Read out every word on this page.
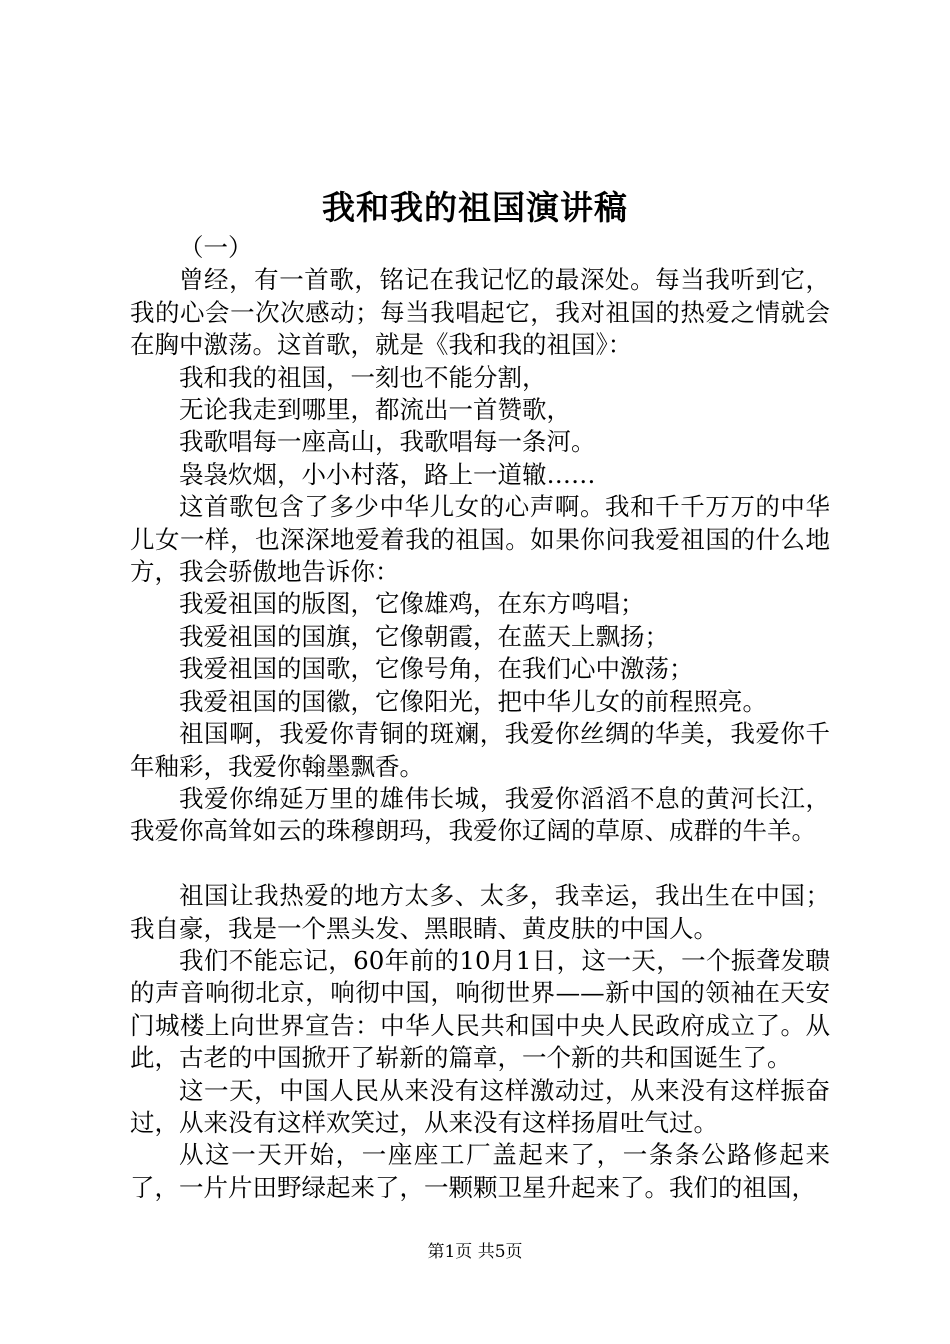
我和我的祖国演讲稿

（一）

曾经，有一首歌，铭记在我记忆的最深处。每当我听到它，我的心会一次次感动；每当我唱起它，我对祖国的热爱之情就会在胸中激荡。这首歌，就是《我和我的祖国》：

我和我的祖国，一刻也不能分割，

无论我走到哪里，都流出一首赞歌，

我歌唱每一座高山，我歌唱每一条河。

袅袅炊烟，小小村落，路上一道辙……

这首歌包含了多少中华儿女的心声啊。我和千千万万的中华儿女一样，也深深地爱着我的祖国。如果你问我爱祖国的什么地方，我会骄傲地告诉你：

我爱祖国的版图，它像雄鸡，在东方鸣唱；

我爱祖国的国旗，它像朝霞，在蓝天上飘扬；

我爱祖国的国歌，它像号角，在我们心中激荡；

我爱祖国的国徽，它像阳光，把中华儿女的前程照亮。

祖国啊，我爱你青铜的斑斓，我爱你丝绸的华美，我爱你千年釉彩，我爱你翰墨飘香。

我爱你绵延万里的雄伟长城，我爱你滔滔不息的黄河长江，我爱你高耸如云的珠穆朗玛，我爱你辽阔的草原、成群的牛羊。

祖国让我热爱的地方太多、太多，我幸运，我出生在中国；我自豪，我是一个黑头发、黑眼睛、黄皮肤的中国人。

我们不能忘记，60年前的10月1日，这一天，一个振聋发聩的声音响彻北京，响彻中国，响彻世界——新中国的领袖在天安门城楼上向世界宣告：中华人民共和国中央人民政府成立了。从此，古老的中国掀开了崭新的篇章，一个新的共和国诞生了。

这一天，中国人民从来没有这样激动过，从来没有这样振奋过，从来没有这样欢笑过，从来没有这样扬眉吐气过。

从这一天开始，一座座工厂盖起来了，一条条公路修起来了，一片片田野绿起来了，一颗颗卫星升起来了。我们的祖国，

第1页 共5页
